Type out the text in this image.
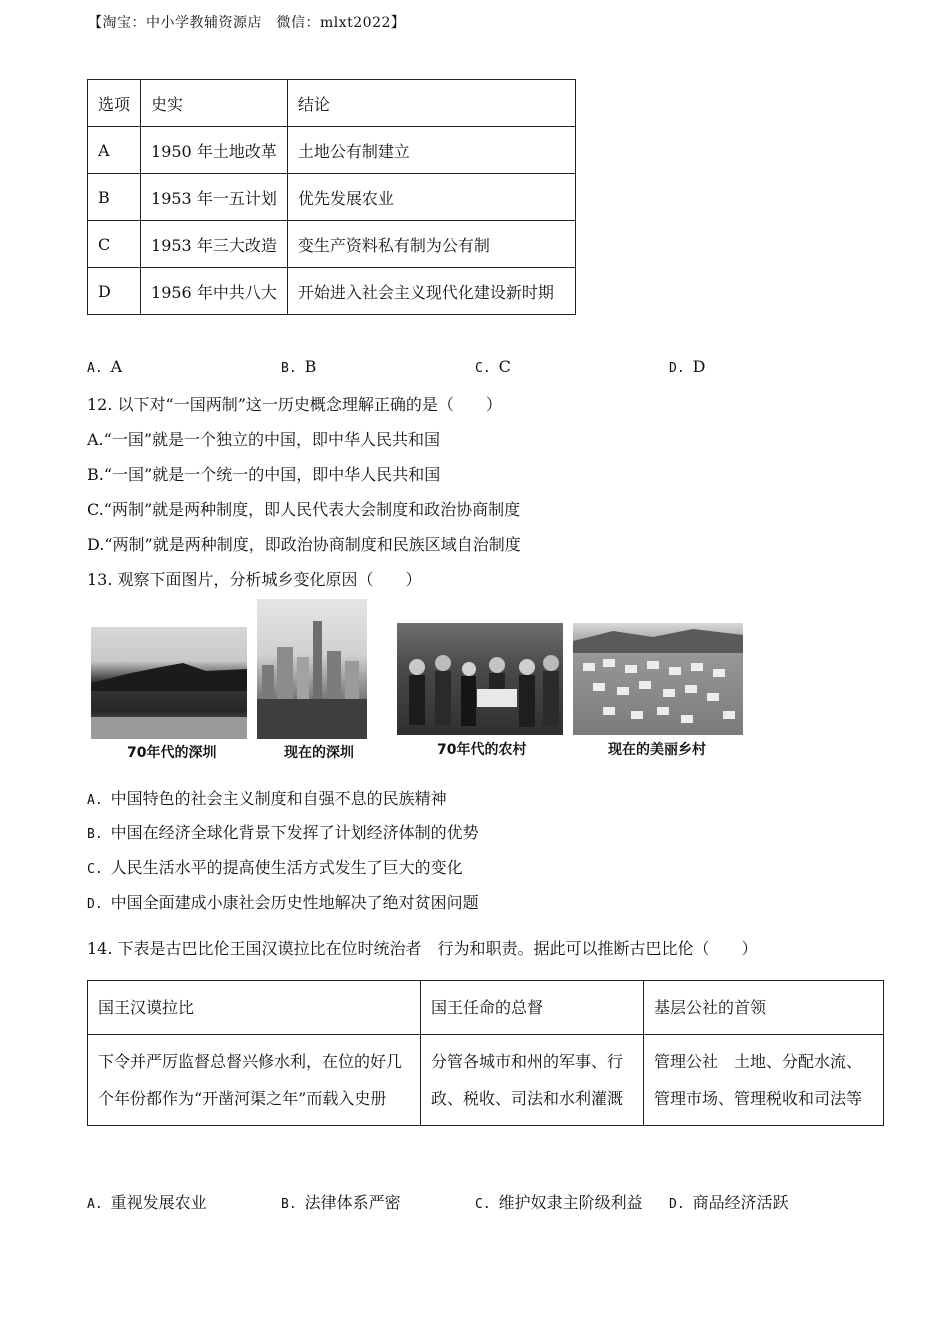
【淘宝：中小学教辅资源店　微信：mlxt2022】
选项	史实	结论
A	1950 年土地改革	土地公有制建立
B	1953 年一五计划	优先发展农业
C	1953 年三大改造	变生产资料私有制为公有制
D	1956 年中共八大	开始进入社会主义现代化建设新时期
A. A	B. B	C. C	D. D
12. 以下对“一国两制”这一历史概念理解正确的是（　　）
A.“一国”就是一个独立的中国，即中华人民共和国
B.“一国”就是一个统一的中国，即中华人民共和国
C.“两制”就是两种制度，即人民代表大会制度和政治协商制度
D.“两制”就是两种制度，即政治协商制度和民族区域自治制度
13. 观察下面图片，分析城乡变化原因（　　）
70年代的深圳	现在的深圳	70年代的农村	现在的美丽乡村
A. 中国特色的社会主义制度和自强不息的民族精神
B. 中国在经济全球化背景下发挥了计划经济体制的优势
C. 人民生活水平的提高使生活方式发生了巨大的变化
D. 中国全面建成小康社会历史性地解决了绝对贫困问题
14. 下表是古巴比伦王国汉谟拉比在位时统治者　行为和职责。据此可以推断古巴比伦（　　）
国王汉谟拉比	国王任命的总督	基层公社的首领
下令并严厉监督总督兴修水利，在位的好几个年份都作为“开凿河渠之年”而载入史册	分管各城市和州的军事、行政、税收、司法和水利灌溉	管理公社　土地、分配水流、管理市场、管理税收和司法等
A. 重视发展农业	B. 法律体系严密	C. 维护奴隶主阶级利益 D. 商品经济活跃
